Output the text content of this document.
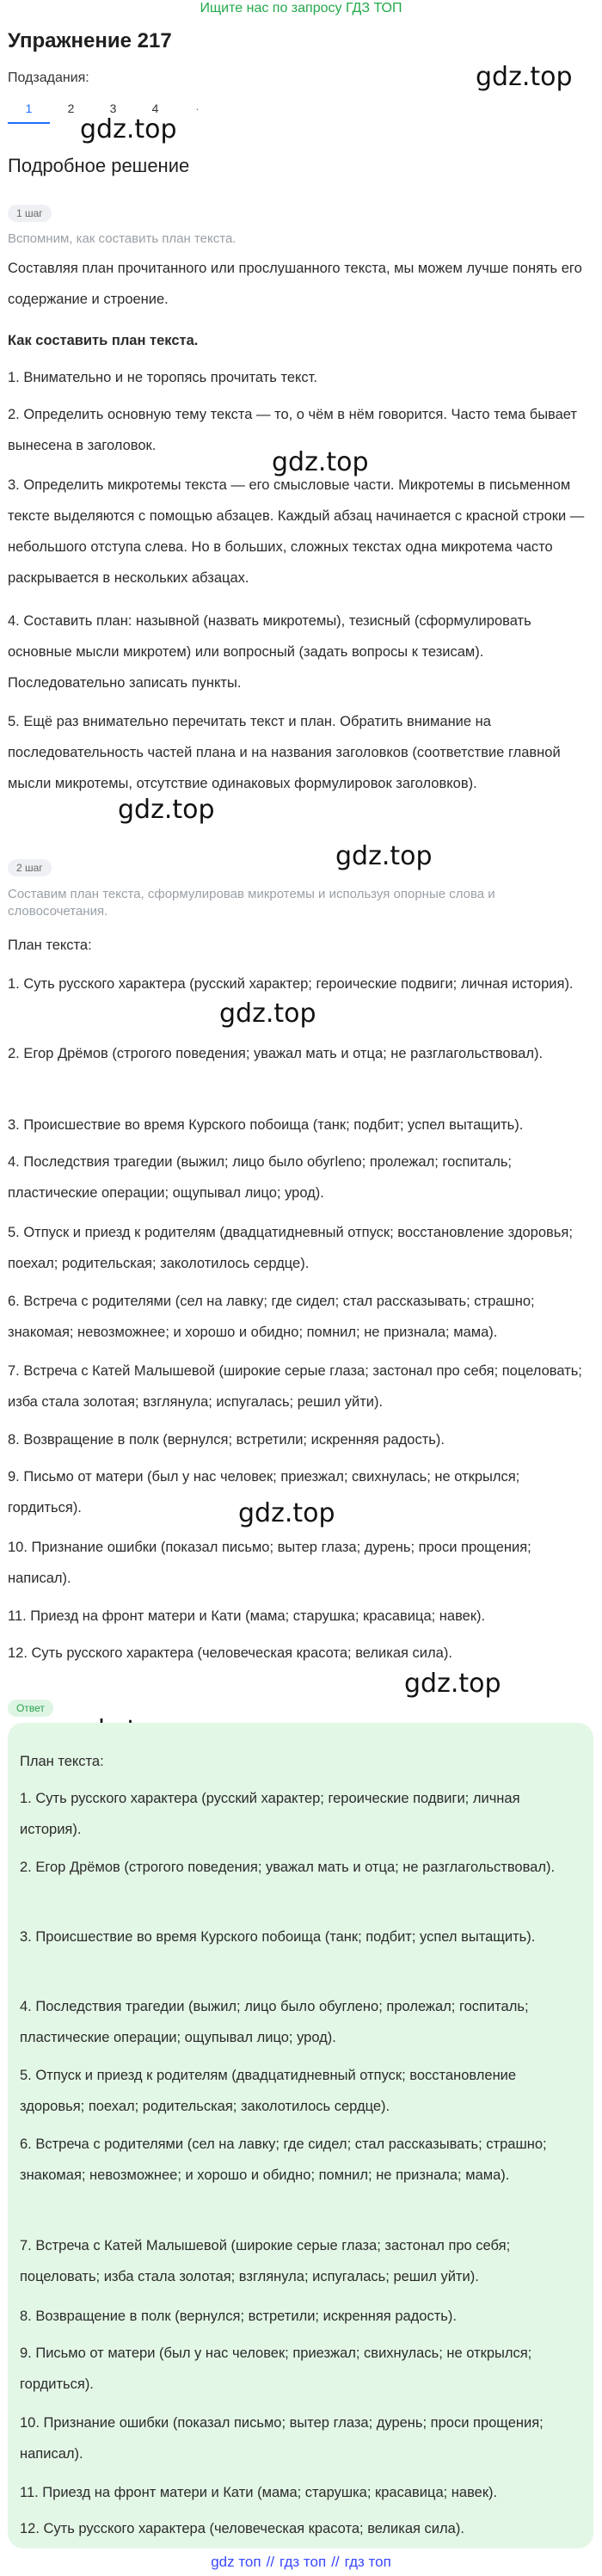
Ищите нас по запросу ГДЗ ТОП
Упражнение 217
Подзадания:
1	2	3	4	·
Подробное решение
gdz.top
gdz.top
gdz.top
gdz.top
gdz.top
gdz.top
gdz.top
gdz.top
1 шаг
Вспомним, как составить план текста.
Составляя план прочитанного или прослушанного текста, мы можем лучше понять его содержание и строение.
Как составить план текста.
1. Внимательно и не торопясь прочитать текст.
2. Определить основную тему текста — то, о чём в нём говорится. Часто тема бывает вынесена в заголовок.
3. Определить микротемы текста — его смысловые части. Микротемы в письменном тексте выделяются с помощью абзацев. Каждый абзац начинается с красной строки — небольшого отступа слева. Но в больших, сложных текстах одна микротема часто раскрывается в нескольких абзацах.
4. Составить план: назывной (назвать микротемы), тезисный (сформулировать основные мысли микротем) или вопросный (задать вопросы к тезисам). Последовательно записать пункты.
5. Ещё раз внимательно перечитать текст и план. Обратить внимание на последовательность частей плана и на названия заголовков (соответствие главной мысли микротемы, отсутствие одинаковых формулировок заголовков).
2 шаг
Составим план текста, сформулировав микротемы и используя опорные слова и словосочетания.
План текста:
1. Суть русского характера (русский характер; героические подвиги; личная история).
2. Егор Дрёмов (строгого поведения; уважал мать и отца; не разглагольствовал).
3. Происшествие во время Курского побоища (танк; подбит; успел вытащить).
4. Последствия трагедии (выжил; лицо было обугleno; пролежал; госпиталь; пластические операции; ощупывал лицо; урод).
5. Отпуск и приезд к родителям (двадцатидневный отпуск; восстановление здоровья; поехал; родительская; заколотилось сердце).
6. Встреча с родителями (сел на лавку; где сидел; стал рассказывать; страшно; знакомая; невозможнее; и хорошо и обидно; помнил; не признала; мама).
7. Встреча с Катей Малышевой (широкие серые глаза; застонал про себя; поцеловать; изба стала золотая; взглянула; испугалась; решил уйти).
8. Возвращение в полк (вернулся; встретили; искренняя радость).
9. Письмо от матери (был у нас человек; приезжал; свихнулась; не открылся; гордиться).
10. Признание ошибки (показал письмо; вытер глаза; дурень; проси прощения; написал).
11. Приезд на фронт матери и Кати (мама; старушка; красавица; навек).
12. Суть русского характера (человеческая красота; великая сила).
Ответ
План текста:
1. Суть русского характера (русский характер; героические подвиги; личная история).
2. Егор Дрёмов (строгого поведения; уважал мать и отца; не разглагольствовал).
3. Происшествие во время Курского побоища (танк; подбит; успел вытащить).
4. Последствия трагедии (выжил; лицо было обуглено; пролежал; госпиталь; пластические операции; ощупывал лицо; урод).
5. Отпуск и приезд к родителям (двадцатидневный отпуск; восстановление здоровья; поехал; родительская; заколотилось сердце).
6. Встреча с родителями (сел на лавку; где сидел; стал рассказывать; страшно; знакомая; невозможнее; и хорошо и обидно; помнил; не признала; мама).
7. Встреча с Катей Малышевой (широкие серые глаза; застонал про себя; поцеловать; изба стала золотая; взглянула; испугалась; решил уйти).
8. Возвращение в полк (вернулся; встретили; искренняя радость).
9. Письмо от матери (был у нас человек; приезжал; свихнулась; не открылся; гордиться).
10. Признание ошибки (показал письмо; вытер глаза; дурень; проси прощения; написал).
11. Приезд на фронт матери и Кати (мама; старушка; красавица; навек).
12. Суть русского характера (человеческая красота; великая сила).
gdz топ // гдз топ // гдз топ
